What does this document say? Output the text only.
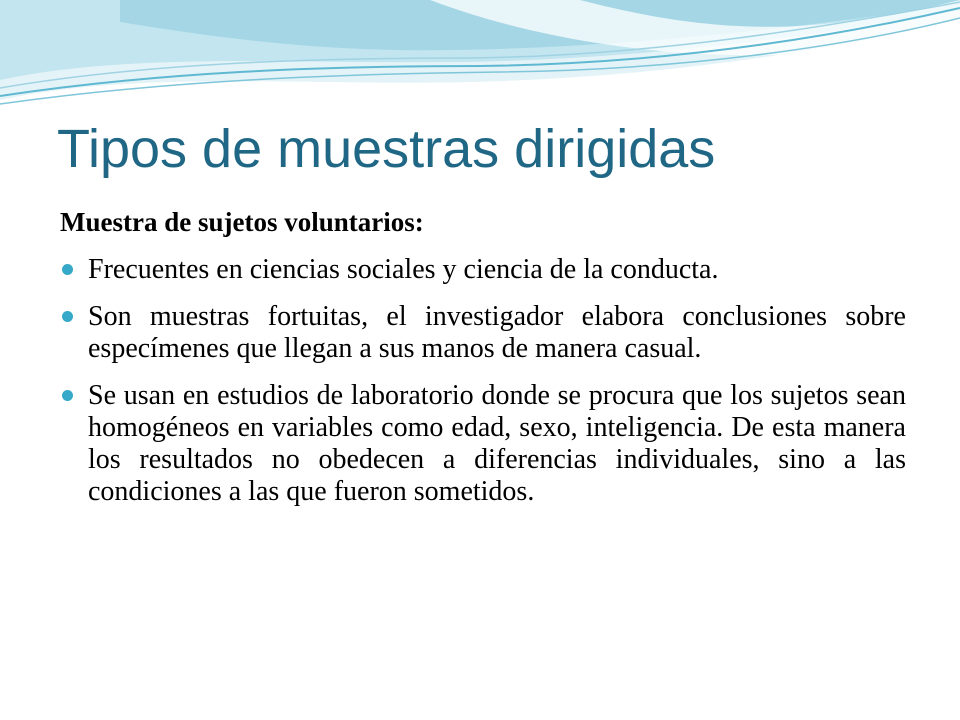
Tipos de muestras dirigidas
Muestra de sujetos voluntarios:
Frecuentes en ciencias sociales y ciencia de la conducta.
Son muestras fortuitas, el investigador elabora conclusiones sobre especímenes que llegan a sus manos de manera casual.
Se usan en estudios de laboratorio donde se procura que los sujetos sean homogéneos en variables como edad, sexo, inteligencia. De esta manera los resultados no obedecen a diferencias individuales, sino a las condiciones a las que fueron sometidos.
